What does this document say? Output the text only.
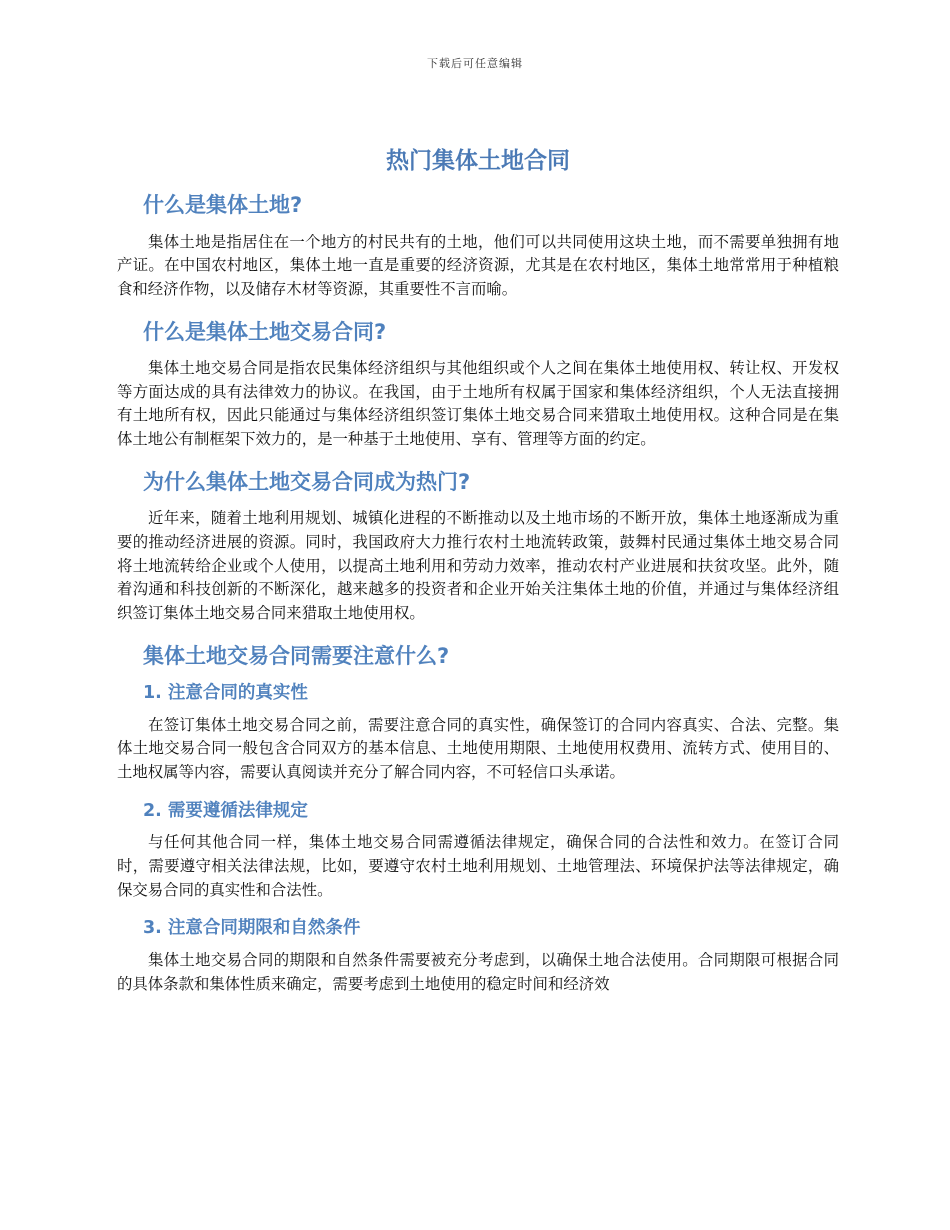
下载后可任意编辑
热门集体土地合同
什么是集体土地?

集体土地是指居住在一个地方的村民共有的土地，他们可以共同使用这块土地，而不需要单独拥有地产证。在中国农村地区，集体土地一直是重要的经济资源，尤其是在农村地区，集体土地常常用于种植粮食和经济作物，以及储存木材等资源，其重要性不言而喻。

什么是集体土地交易合同?

集体土地交易合同是指农民集体经济组织与其他组织或个人之间在集体土地使用权、转让权、开发权等方面达成的具有法律效力的协议。在我国，由于土地所有权属于国家和集体经济组织，个人无法直接拥有土地所有权，因此只能通过与集体经济组织签订集体土地交易合同来猎取土地使用权。这种合同是在集体土地公有制框架下效力的，是一种基于土地使用、享有、管理等方面的约定。

为什么集体土地交易合同成为热门?

近年来，随着土地利用规划、城镇化进程的不断推动以及土地市场的不断开放，集体土地逐渐成为重要的推动经济进展的资源。同时，我国政府大力推行农村土地流转政策，鼓舞村民通过集体土地交易合同将土地流转给企业或个人使用，以提高土地利用和劳动力效率，推动农村产业进展和扶贫攻坚。此外，随着沟通和科技创新的不断深化，越来越多的投资者和企业开始关注集体土地的价值，并通过与集体经济组织签订集体土地交易合同来猎取土地使用权。

集体土地交易合同需要注意什么?
1. 注意合同的真实性

在签订集体土地交易合同之前，需要注意合同的真实性，确保签订的合同内容真实、合法、完整。集体土地交易合同一般包含合同双方的基本信息、土地使用期限、土地使用权费用、流转方式、使用目的、土地权属等内容，需要认真阅读并充分了解合同内容，不可轻信口头承诺。

2. 需要遵循法律规定

与任何其他合同一样，集体土地交易合同需遵循法律规定，确保合同的合法性和效力。在签订合同时，需要遵守相关法律法规，比如，要遵守农村土地利用规划、土地管理法、环境保护法等法律规定，确保交易合同的真实性和合法性。

3. 注意合同期限和自然条件

集体土地交易合同的期限和自然条件需要被充分考虑到，以确保土地合法使用。合同期限可根据合同的具体条款和集体性质来确定，需要考虑到土地使用的稳定时间和经济效
